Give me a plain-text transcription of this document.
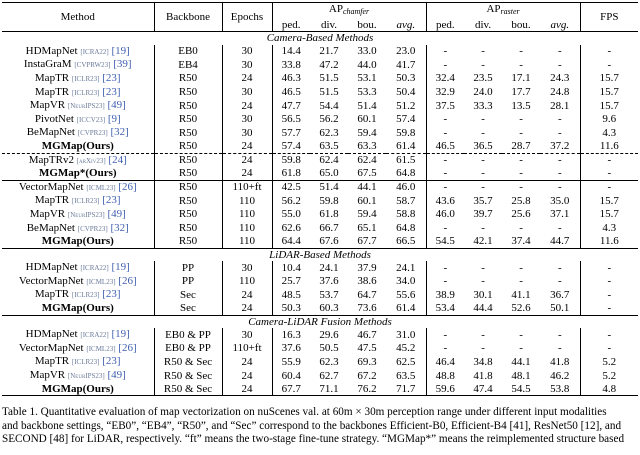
Method	Backbone	Epochs	$AP_{chamfer}$				$AP_{raster}$				FPS
			ped.	div.	bou.	avg.	ped.	div.	bou.	avg.	
Camera-Based Methods											
HDMapNet [ICRA22] [19]	EB0	30	14.4	21.7	33.0	23.0	-	-	-	-	-
InstaGraM [CVPRW23] [39]	EB4	30	33.8	47.2	44.0	41.7	-	-	-	-	-
MapTR [ICLR23] [23]	R50	24	46.3	51.5	53.1	50.3	32.4	23.5	17.1	24.3	15.7
MapTR [ICLR23] [23]	R50	30	46.5	51.5	53.3	50.4	32.9	24.0	17.7	24.8	15.7
MapVR [NeurIPS23] [49]	R50	24	47.7	54.4	51.4	51.2	37.5	33.3	13.5	28.1	15.7
PivotNet [ICCV23] [9]	R50	30	56.5	56.2	60.1	57.4	-	-	-	-	9.6
BeMapNet [CVPR23] [32]	R50	30	57.7	62.3	59.4	59.8	-	-	-	-	4.3
MGMap(Ours)	R50	24	57.4	63.5	63.3	61.4	46.5	36.5	28.7	37.2	11.6
MapTRv2 [arXiv23] [24]	R50	24	59.8	62.4	62.4	61.5	-	-	-	-	-
MGMap*(Ours)	R50	24	61.8	65.0	67.5	64.8	-	-	-	-	-
VectorMapNet [ICML23] [26]	R50	110+ft	42.5	51.4	44.1	46.0	-	-	-	-	-
MapTR [ICLR23] [23]	R50	110	56.2	59.8	60.1	58.7	43.6	35.7	25.8	35.0	15.7
MapVR [NeurIPS23] [49]	R50	110	55.0	61.8	59.4	58.8	46.0	39.7	25.6	37.1	15.7
BeMapNet [CVPR23] [32]	R50	110	62.6	66.7	65.1	64.8	-	-	-	-	4.3
MGMap(Ours)	R50	110	64.4	67.6	67.7	66.5	54.5	42.1	37.4	44.7	11.6
LiDAR-Based Methods											
HDMapNet [ICRA22] [19]	PP	30	10.4	24.1	37.9	24.1	-	-	-	-	-
VectorMapNet [ICML23] [26]	PP	110	25.7	37.6	38.6	34.0	-	-	-	-	-
MapTR [ICLR23] [23]	Sec	24	48.5	53.7	64.7	55.6	38.9	30.1	41.1	36.7	-
MGMap(Ours)	Sec	24	50.3	60.3	73.6	61.4	53.4	44.4	52.6	50.1	-
Camera-LiDAR Fusion Methods											
HDMapNet [ICRA22] [19]	EB0 & PP	30	16.3	29.6	46.7	31.0	-	-	-	-	-
VectorMapNet [ICML23] [26]	EB0 & PP	110+ft	37.6	50.5	47.5	45.2	-	-	-	-	-
MapTR [ICLR23] [23]	R50 & Sec	24	55.9	62.3	69.3	62.5	46.4	34.8	44.1	41.8	5.2
MapVR [NeurIPS23] [49]	R50 & Sec	24	60.4	62.7	67.2	63.5	48.8	41.8	48.1	46.2	5.2
MGMap(Ours)	R50 & Sec	24	67.7	71.1	76.2	71.7	59.6	47.4	54.5	53.8	4.8
Table 1. Quantitative evaluation of map vectorization on nuScenes val. at 60m × 30m perception range under different input modalities
and backbone settings, “EB0”, “EB4”, “R50”, and “Sec” correspond to the backbones Efficient-B0, Efficient-B4 [41], ResNet50 [12], and
SECOND [48] for LiDAR, respectively. “ft” means the two-stage fine-tune strategy. “MGMap*” means the reimplemented structure based
